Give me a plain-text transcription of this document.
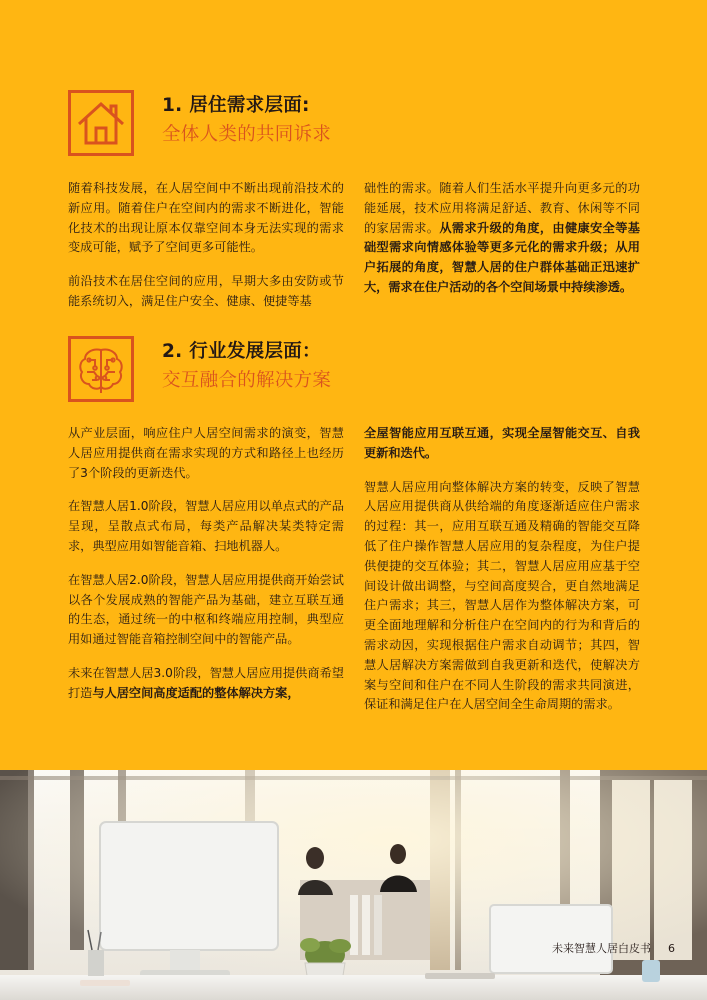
1. 居住需求层面:
全体人类的共同诉求

随着科技发展，在人居空间中不断出现前沿技术的新应用。随着住户在空间内的需求不断进化，智能化技术的出现让原本仅靠空间本身无法实现的需求变成可能，赋予了空间更多可能性。

前沿技术在居住空间的应用，早期大多由安防或节能系统切入，满足住户安全、健康、便捷等基

础性的需求。随着人们生活水平提升向更多元的功能延展，技术应用将满足舒适、教育、休闲等不同的家居需求。从需求升级的角度，由健康安全等基础型需求向情感体验等更多元化的需求升级；从用户拓展的角度，智慧人居的住户群体基础正迅速扩大，需求在住户活动的各个空间场景中持续渗透。

2. 行业发展层面：
交互融合的解决方案

从产业层面，响应住户人居空间需求的演变，智慧人居应用提供商在需求实现的方式和路径上也经历了3个阶段的更新迭代。

在智慧人居1.0阶段，智慧人居应用以单点式的产品呈现，呈散点式布局，每类产品解决某类特定需求，典型应用如智能音箱、扫地机器人。

在智慧人居2.0阶段，智慧人居应用提供商开始尝试以各个发展成熟的智能产品为基础，建立互联互通的生态，通过统一的中枢和终端应用控制，典型应用如通过智能音箱控制空间中的智能产品。

未来在智慧人居3.0阶段，智慧人居应用提供商希望打造与人居空间高度适配的整体解决方案，

全屋智能应用互联互通，实现全屋智能交互、自我更新和迭代。

智慧人居应用向整体解决方案的转变，反映了智慧人居应用提供商从供给端的角度逐渐适应住户需求的过程：其一，应用互联互通及精确的智能交互降低了住户操作智慧人居应用的复杂程度，为住户提供便捷的交互体验；其二，智慧人居应用应基于空间设计做出调整，与空间高度契合，更自然地满足住户需求；其三，智慧人居作为整体解决方案，可更全面地理解和分析住户在空间内的行为和背后的需求动因，实现根据住户需求自动调节；其四，智慧人居解决方案需做到自我更新和迭代，使解决方案与空间和住户在不同人生阶段的需求共同演进，保证和满足住户在人居空间全生命周期的需求。

未来智慧人居白皮书 6
